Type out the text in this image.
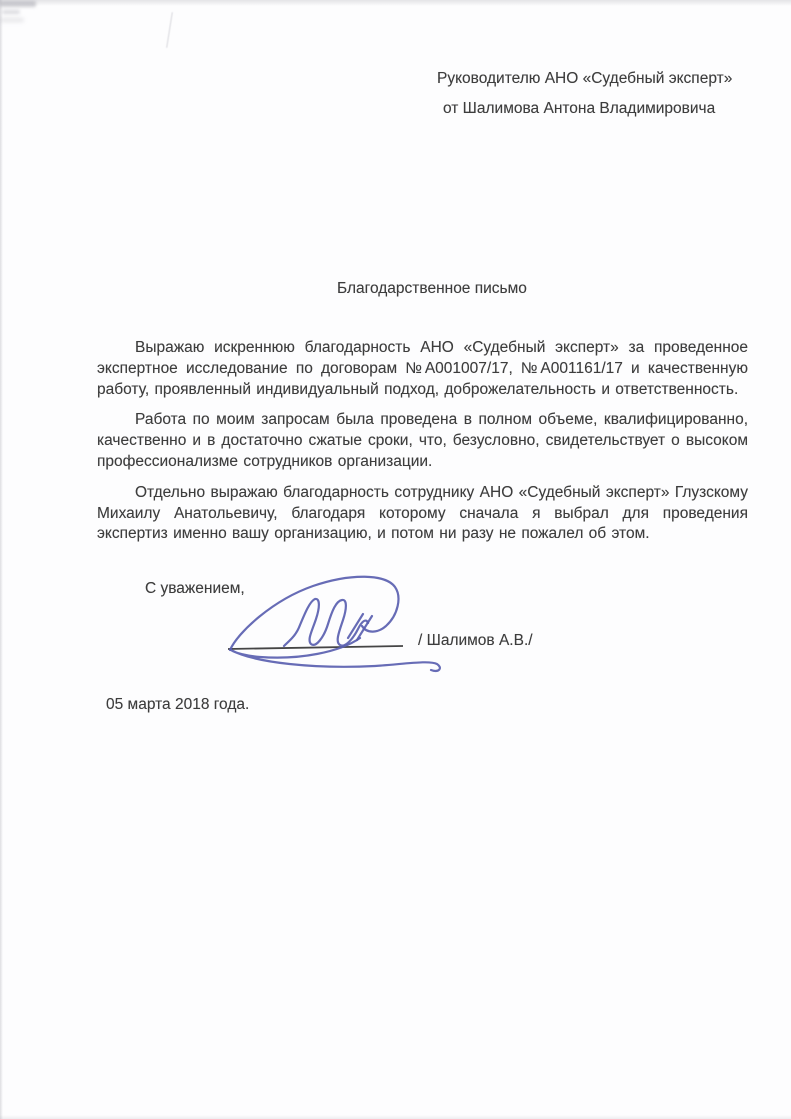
Руководителю АНО «Судебный эксперт»
от Шалимова Антона Владимировича
Благодарственное письмо

Выражаю искреннюю благодарность АНО «Судебный эксперт» за проведенное экспертное исследование по договорам №А001007/17, №А001161/17 и качественную работу, проявленный индивидуальный подход, доброжелательность и ответственность.

Работа по моим запросам была проведена в полном объеме, квалифицированно, качественно и в достаточно сжатые сроки, что, безусловно, свидетельствует о высоком профессионализме сотрудников организации.

Отдельно выражаю благодарность сотруднику АНО «Судебный эксперт» Глузскому Михаилу Анатольевичу, благодаря которому сначала я выбрал для проведения экспертиз именно вашу организацию, и потом ни разу не пожалел об этом.

С уважением,
/ Шалимов А.В./
05 марта 2018 года.
